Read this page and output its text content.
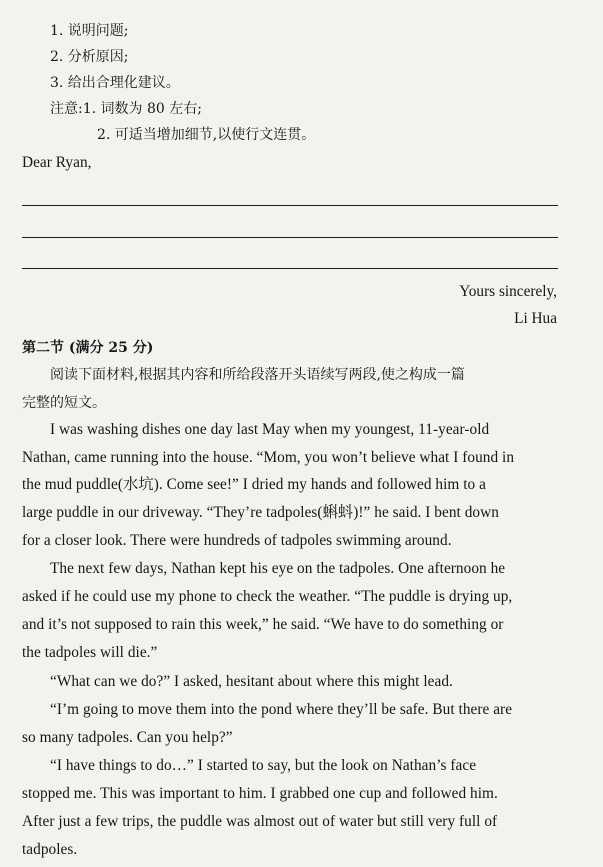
1. 说明问题;
2. 分析原因;
3. 给出合理化建议。
注意:1. 词数为 80 左右;
2. 可适当增加细节,以使行文连贯。
Dear Ryan,
Yours sincerely,
Li Hua
第二节 (满分 25 分)
阅读下面材料,根据其内容和所给段落开头语续写两段,使之构成一篇
完整的短文。
I was washing dishes one day last May when my youngest, 11-year-old
Nathan, came running into the house. “Mom, you won’t believe what I found in
the mud puddle(水坑). Come see!” I dried my hands and followed him to a
large puddle in our driveway. “They’re tadpoles(蝌蚪)!” he said. I bent down
for a closer look. There were hundreds of tadpoles swimming around.
The next few days, Nathan kept his eye on the tadpoles. One afternoon he
asked if he could use my phone to check the weather. “The puddle is drying up,
and it’s not supposed to rain this week,” he said. “We have to do something or
the tadpoles will die.”
“What can we do?” I asked, hesitant about where this might lead.
“I’m going to move them into the pond where they’ll be safe. But there are
so many tadpoles. Can you help?”
“I have things to do…” I started to say, but the look on Nathan’s face
stopped me. This was important to him. I grabbed one cup and followed him.
After just a few trips, the puddle was almost out of water but still very full of
tadpoles.
